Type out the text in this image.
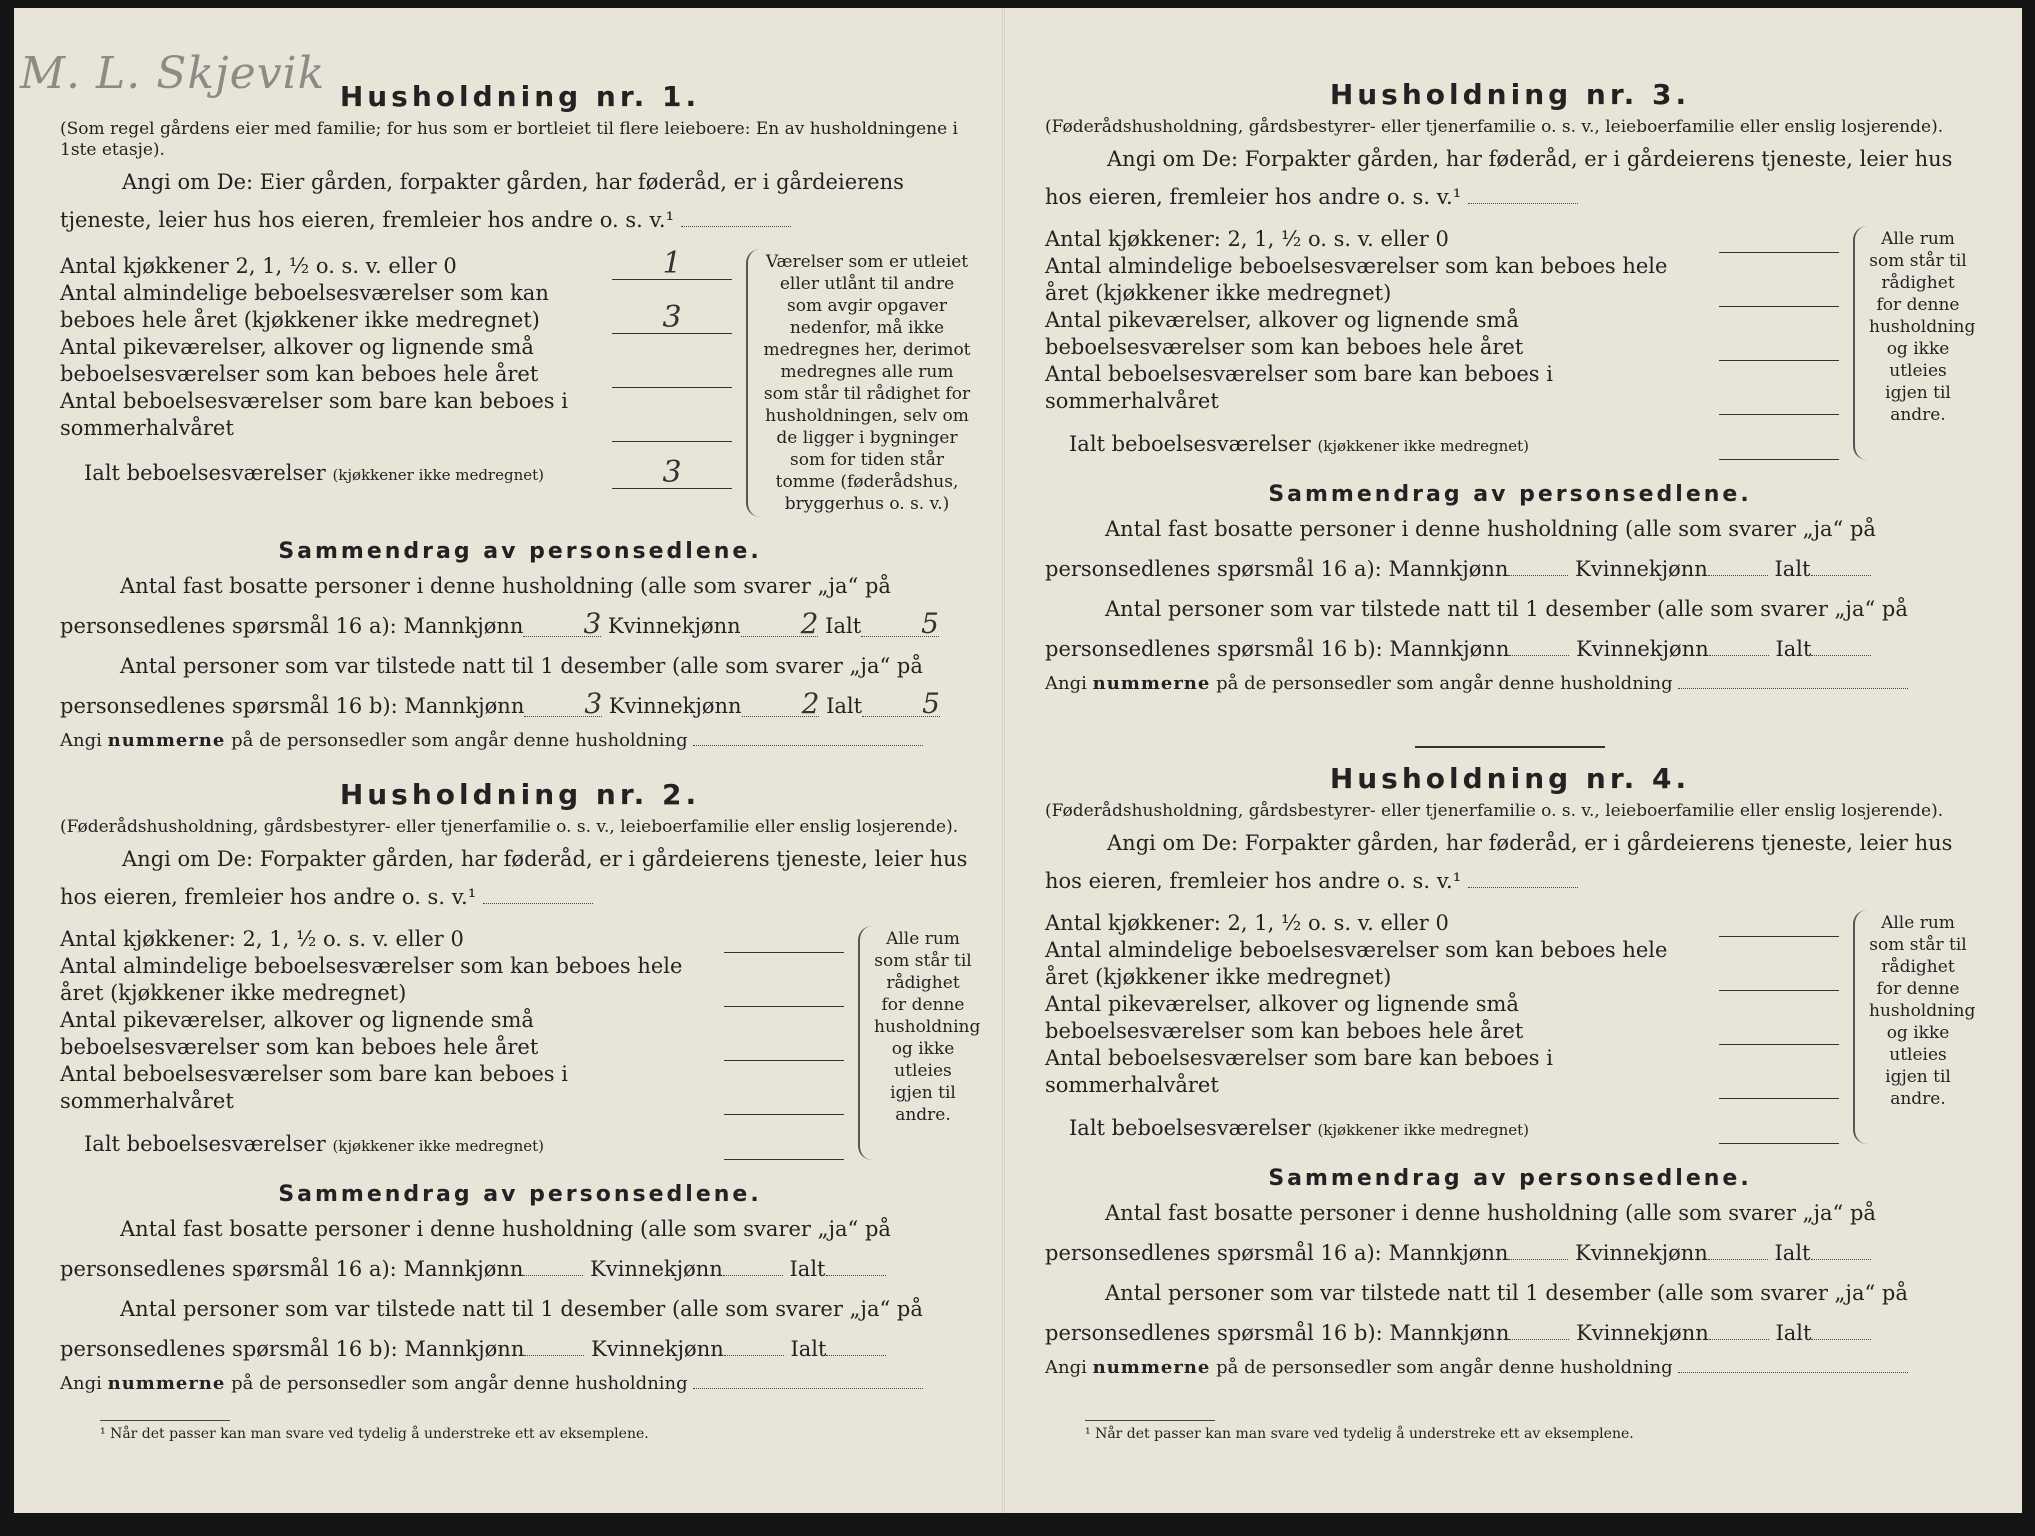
M. L. Skjevik Husholdning nr. 1.

(Som regel gårdens eier med familie; for hus som er bortleiet til flere leieboere: En av husholdningene i 1ste etasje).

Angi om De: Eier gården, forpakter gården, har føderåd, er i gårdeierens tjeneste, leier hus hos eieren, fremleier hos andre o. s. v.¹

Antal kjøkkener 2, 1, ½ o. s. v. eller 0	1
Antal almindelige beboelsesværelser som kan beboes hele året (kjøkkener ikke medregnet)	3
Antal pikeværelser, alkover og lignende små beboelsesværelser som kan beboes hele året
Antal beboelsesværelser som bare kan beboes i sommerhalvåret
Ialt beboelsesværelser (kjøkkener ikke medregnet)	3
Værelser som er utleiet eller utlånt til andre som avgir opgaver nedenfor, må ikke medregnes her, derimot medregnes alle rum som står til rådighet for husholdningen, selv om de ligger i bygninger som for tiden står tomme (føderådshus, bryggerhus o. s. v.)
Sammendrag av personsedlene.

Antal fast bosatte personer i denne husholdning (alle som svarer „ja“ på personsedlenes spørsmål 16 a): Mannkjønn 3 Kvinnekjønn 2 Ialt 5

Antal personer som var tilstede natt til 1 desember (alle som svarer „ja“ på personsedlenes spørsmål 16 b): Mannkjønn 3 Kvinnekjønn 2 Ialt 5

Angi nummerne på de personsedler som angår denne husholdning

Husholdning nr. 2.

(Føderådshusholdning, gårdsbestyrer- eller tjenerfamilie o. s. v., leieboerfamilie eller enslig losjerende).

Angi om De: Forpakter gården, har føderåd, er i gårdeierens tjeneste, leier hus hos eieren, fremleier hos andre o. s. v.¹

Antal kjøkkener: 2, 1, ½ o. s. v. eller 0
Antal almindelige beboelsesværelser som kan beboes hele året (kjøkkener ikke medregnet)
Antal pikeværelser, alkover og lignende små beboelsesværelser som kan beboes hele året
Antal beboelsesværelser som bare kan beboes i sommerhalvåret
Ialt beboelsesværelser (kjøkkener ikke medregnet)
Alle rum som står til rådighet for denne husholdning og ikke utleies igjen til andre.
Sammendrag av personsedlene.

Antal fast bosatte personer i denne husholdning (alle som svarer „ja“ på personsedlenes spørsmål 16 a): Mannkjønn	Kvinnekjønn	Ialt

Antal personer som var tilstede natt til 1 desember (alle som svarer „ja“ på personsedlenes spørsmål 16 b): Mannkjønn	Kvinnekjønn	Ialt

Angi nummerne på de personsedler som angår denne husholdning

¹ Når det passer kan man svare ved tydelig å understreke ett av eksemplene.
Husholdning nr. 3.

(Føderådshusholdning, gårdsbestyrer- eller tjenerfamilie o. s. v., leieboerfamilie eller enslig losjerende).

Angi om De: Forpakter gården, har føderåd, er i gårdeierens tjeneste, leier hus hos eieren, fremleier hos andre o. s. v.¹

Antal kjøkkener: 2, 1, ½ o. s. v. eller 0
Antal almindelige beboelsesværelser som kan beboes hele året (kjøkkener ikke medregnet)
Antal pikeværelser, alkover og lignende små beboelsesværelser som kan beboes hele året
Antal beboelsesværelser som bare kan beboes i sommerhalvåret
Ialt beboelsesværelser (kjøkkener ikke medregnet)
Alle rum som står til rådighet for denne husholdning og ikke utleies igjen til andre.
Sammendrag av personsedlene.

Antal fast bosatte personer i denne husholdning (alle som svarer „ja“ på personsedlenes spørsmål 16 a): Mannkjønn	Kvinnekjønn	Ialt

Antal personer som var tilstede natt til 1 desember (alle som svarer „ja“ på personsedlenes spørsmål 16 b): Mannkjønn	Kvinnekjønn	Ialt

Angi nummerne på de personsedler som angår denne husholdning

Husholdning nr. 4.

(Føderådshusholdning, gårdsbestyrer- eller tjenerfamilie o. s. v., leieboerfamilie eller enslig losjerende).

Angi om De: Forpakter gården, har føderåd, er i gårdeierens tjeneste, leier hus hos eieren, fremleier hos andre o. s. v.¹

Antal kjøkkener: 2, 1, ½ o. s. v. eller 0
Antal almindelige beboelsesværelser som kan beboes hele året (kjøkkener ikke medregnet)
Antal pikeværelser, alkover og lignende små beboelsesværelser som kan beboes hele året
Antal beboelsesværelser som bare kan beboes i sommerhalvåret
Ialt beboelsesværelser (kjøkkener ikke medregnet)
Alle rum som står til rådighet for denne husholdning og ikke utleies igjen til andre.
Sammendrag av personsedlene.

Antal fast bosatte personer i denne husholdning (alle som svarer „ja“ på personsedlenes spørsmål 16 a): Mannkjønn	Kvinnekjønn	Ialt

Antal personer som var tilstede natt til 1 desember (alle som svarer „ja“ på personsedlenes spørsmål 16 b): Mannkjønn	Kvinnekjønn	Ialt

Angi nummerne på de personsedler som angår denne husholdning

¹ Når det passer kan man svare ved tydelig å understreke ett av eksemplene.
